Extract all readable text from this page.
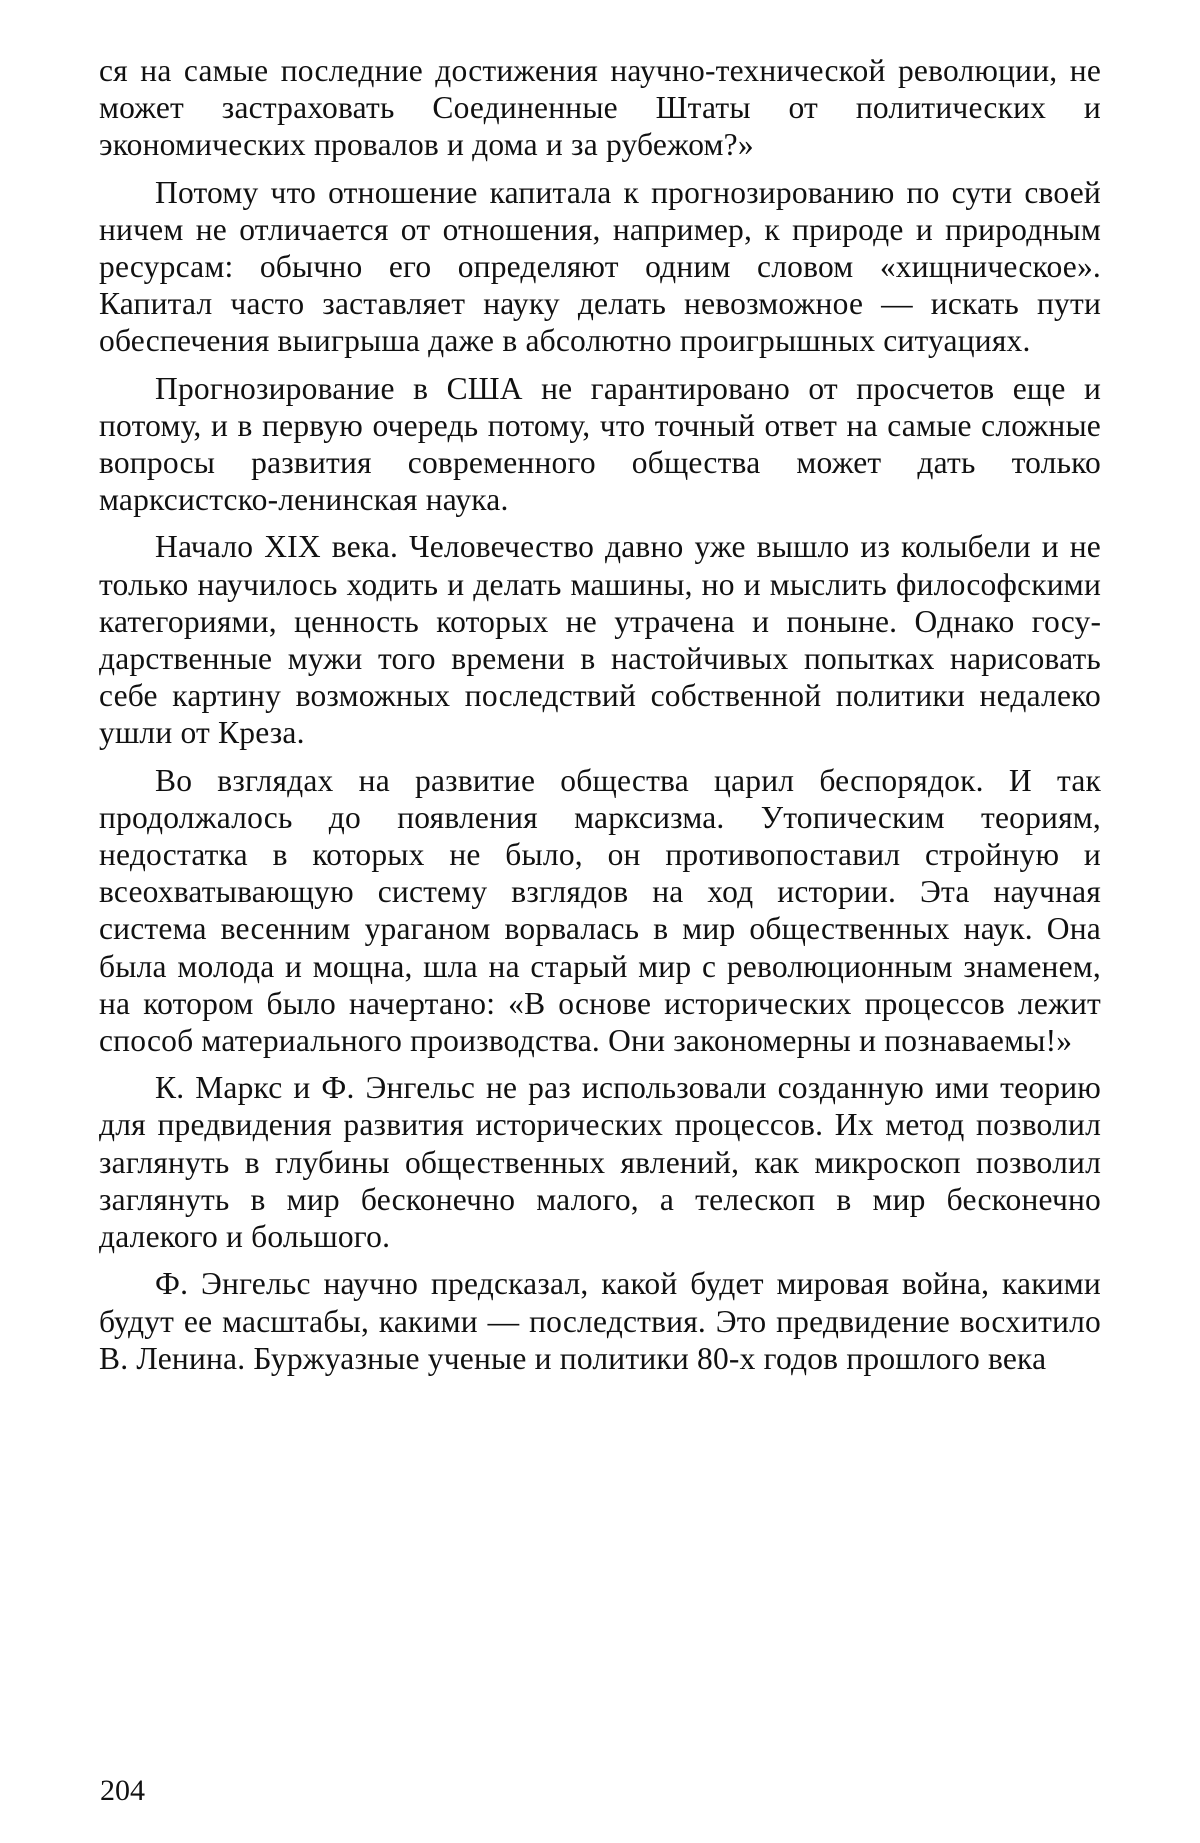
ся на самые последние достижения научно-технической революции, не может застраховать Соединенные Штаты от политических и экономических провалов и дома и за рубежом?»

Потому что отношение капитала к прогнозированию по сути своей ничем не отличается от отношения, например, к природе и природным ресурсам: обычно его определяют одним словом «хищническое». Капитал часто заставляет науку делать невозможное — искать пути обеспечения выигрыша даже в абсолютно проигрышных ситуациях.

Прогнозирование в США не гарантировано от просчетов еще и потому, и в первую очередь потому, что точный ответ на самые сложные вопросы развития современного общества может дать только марксистско-ленинская наука.

Начало XIX века. Человечество давно уже вышло из колыбели и не только научилось ходить и делать машины, но и мыслить философскими категориями, ценность которых не утрачена и поныне. Однако государственные мужи того времени в настойчивых попытках нарисовать себе картину возможных последствий собственной политики недалеко ушли от Креза.

Во взглядах на развитие общества царил беспорядок. И так продолжалось до появления марксизма. Утопическим теориям, недостатка в которых не было, он противопоставил стройную и всеохватывающую систему взглядов на ход истории. Эта научная система весенним ураганом ворвалась в мир общественных наук. Она была молода и мощна, шла на старый мир с революционным знаменем, на котором было начертано: «В основе исторических процессов лежит способ материального производства. Они закономерны и познаваемы!»

К. Маркс и Ф. Энгельс не раз использовали созданную ими теорию для предвидения развития исторических процессов. Их метод позволил заглянуть в глубины общественных явлений, как микроскоп позволил заглянуть в мир бесконечно малого, а телескоп в мир бесконечно далекого и большого.

Ф. Энгельс научно предсказал, какой будет мировая война, какими будут ее масштабы, какими — последствия. Это предвидение восхитило В. Ленина. Буржуазные ученые и политики 80-х годов прошлого века

204
